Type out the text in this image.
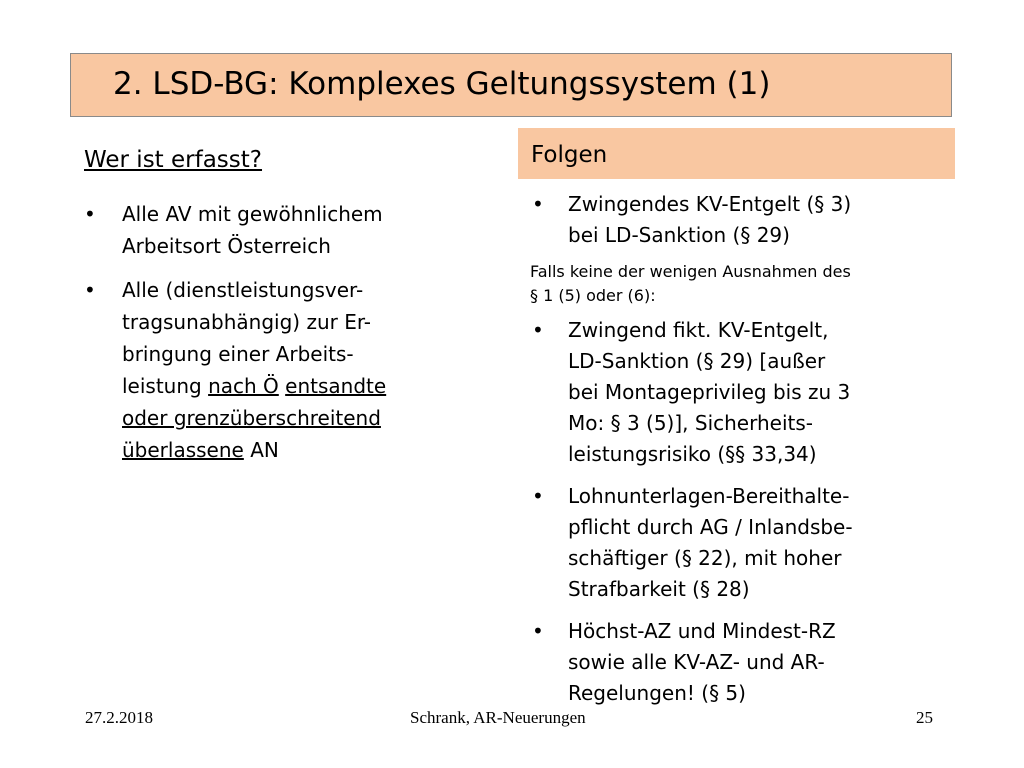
2. LSD-BG: Komplexes Geltungssystem (1)
Wer ist erfasst?
• Alle AV mit gewöhnlichem
Arbeitsort Österreich
• Alle (dienstleistungsver-
tragsunabhängig) zur Er-
bringung einer Arbeits-
leistung nach Ö entsandte
oder grenzüberschreitend
überlassene AN
Folgen
• Zwingendes KV-Entgelt (§ 3)
bei LD-Sanktion (§ 29)
Falls keine der wenigen Ausnahmen des
§ 1 (5) oder (6):
• Zwingend fikt. KV-Entgelt,
LD-Sanktion (§ 29) [außer
bei Montageprivileg bis zu 3
Mo: § 3 (5)], Sicherheits-
leistungsrisiko (§§ 33,34)
• Lohnunterlagen-Bereithalte-
pflicht durch AG / Inlandsbe-
schäftiger (§ 22), mit hoher
Strafbarkeit (§ 28)
• Höchst-AZ und Mindest-RZ
sowie alle KV-AZ- und AR-
Regelungen! (§ 5)
27.2.2018	Schrank, AR-Neuerungen	25
